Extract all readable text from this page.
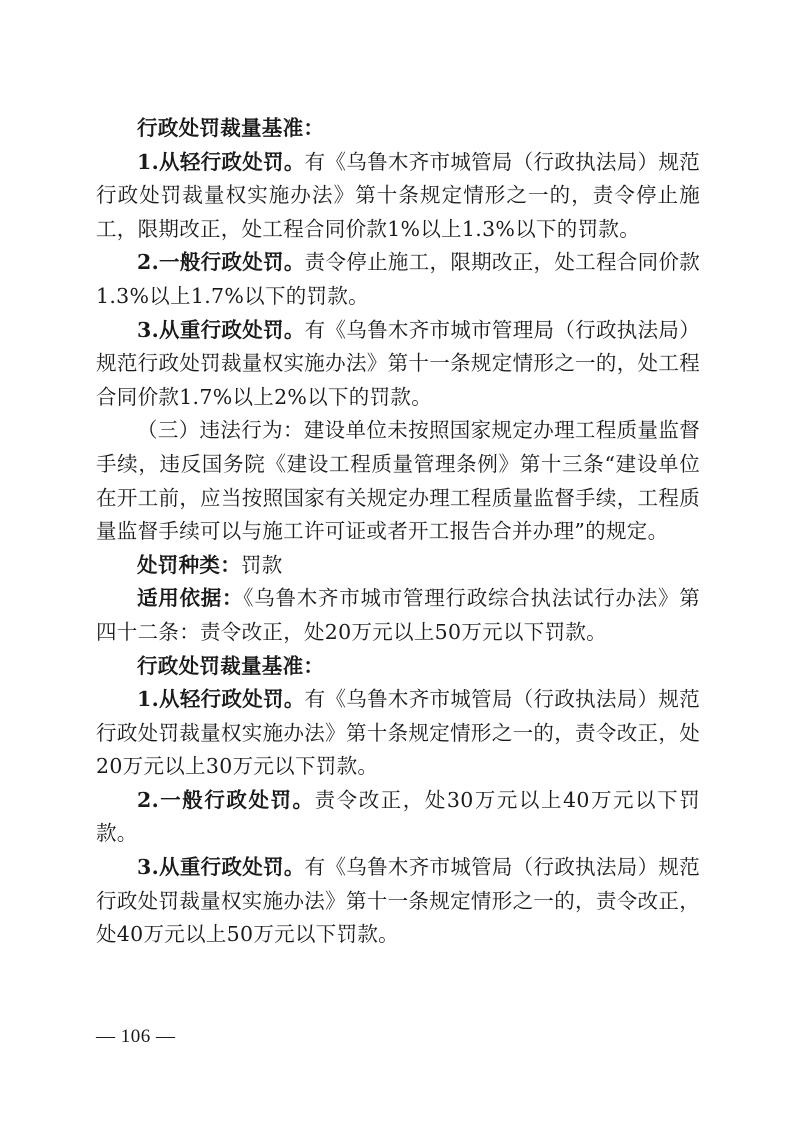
行政处罚裁量基准：

1.从轻行政处罚。有《乌鲁木齐市城管局（行政执法局）规范行政处罚裁量权实施办法》第十条规定情形之一的，责令停止施工，限期改正，处工程合同价款1%以上1.3%以下的罚款。

2.一般行政处罚。责令停止施工，限期改正，处工程合同价款1.3%以上1.7%以下的罚款。

3.从重行政处罚。有《乌鲁木齐市城市管理局（行政执法局）规范行政处罚裁量权实施办法》第十一条规定情形之一的，处工程合同价款1.7%以上2%以下的罚款。

（三）违法行为：建设单位未按照国家规定办理工程质量监督手续，违反国务院《建设工程质量管理条例》第十三条“建设单位在开工前，应当按照国家有关规定办理工程质量监督手续，工程质量监督手续可以与施工许可证或者开工报告合并办理”的规定。

处罚种类：罚款

适用依据：《乌鲁木齐市城市管理行政综合执法试行办法》第四十二条：责令改正，处20万元以上50万元以下罚款。

行政处罚裁量基准：

1.从轻行政处罚。有《乌鲁木齐市城管局（行政执法局）规范行政处罚裁量权实施办法》第十条规定情形之一的，责令改正，处20万元以上30万元以下罚款。

2.一般行政处罚。责令改正，处30万元以上40万元以下罚款。

3.从重行政处罚。有《乌鲁木齐市城管局（行政执法局）规范行政处罚裁量权实施办法》第十一条规定情形之一的，责令改正，处40万元以上50万元以下罚款。

— 106 —
